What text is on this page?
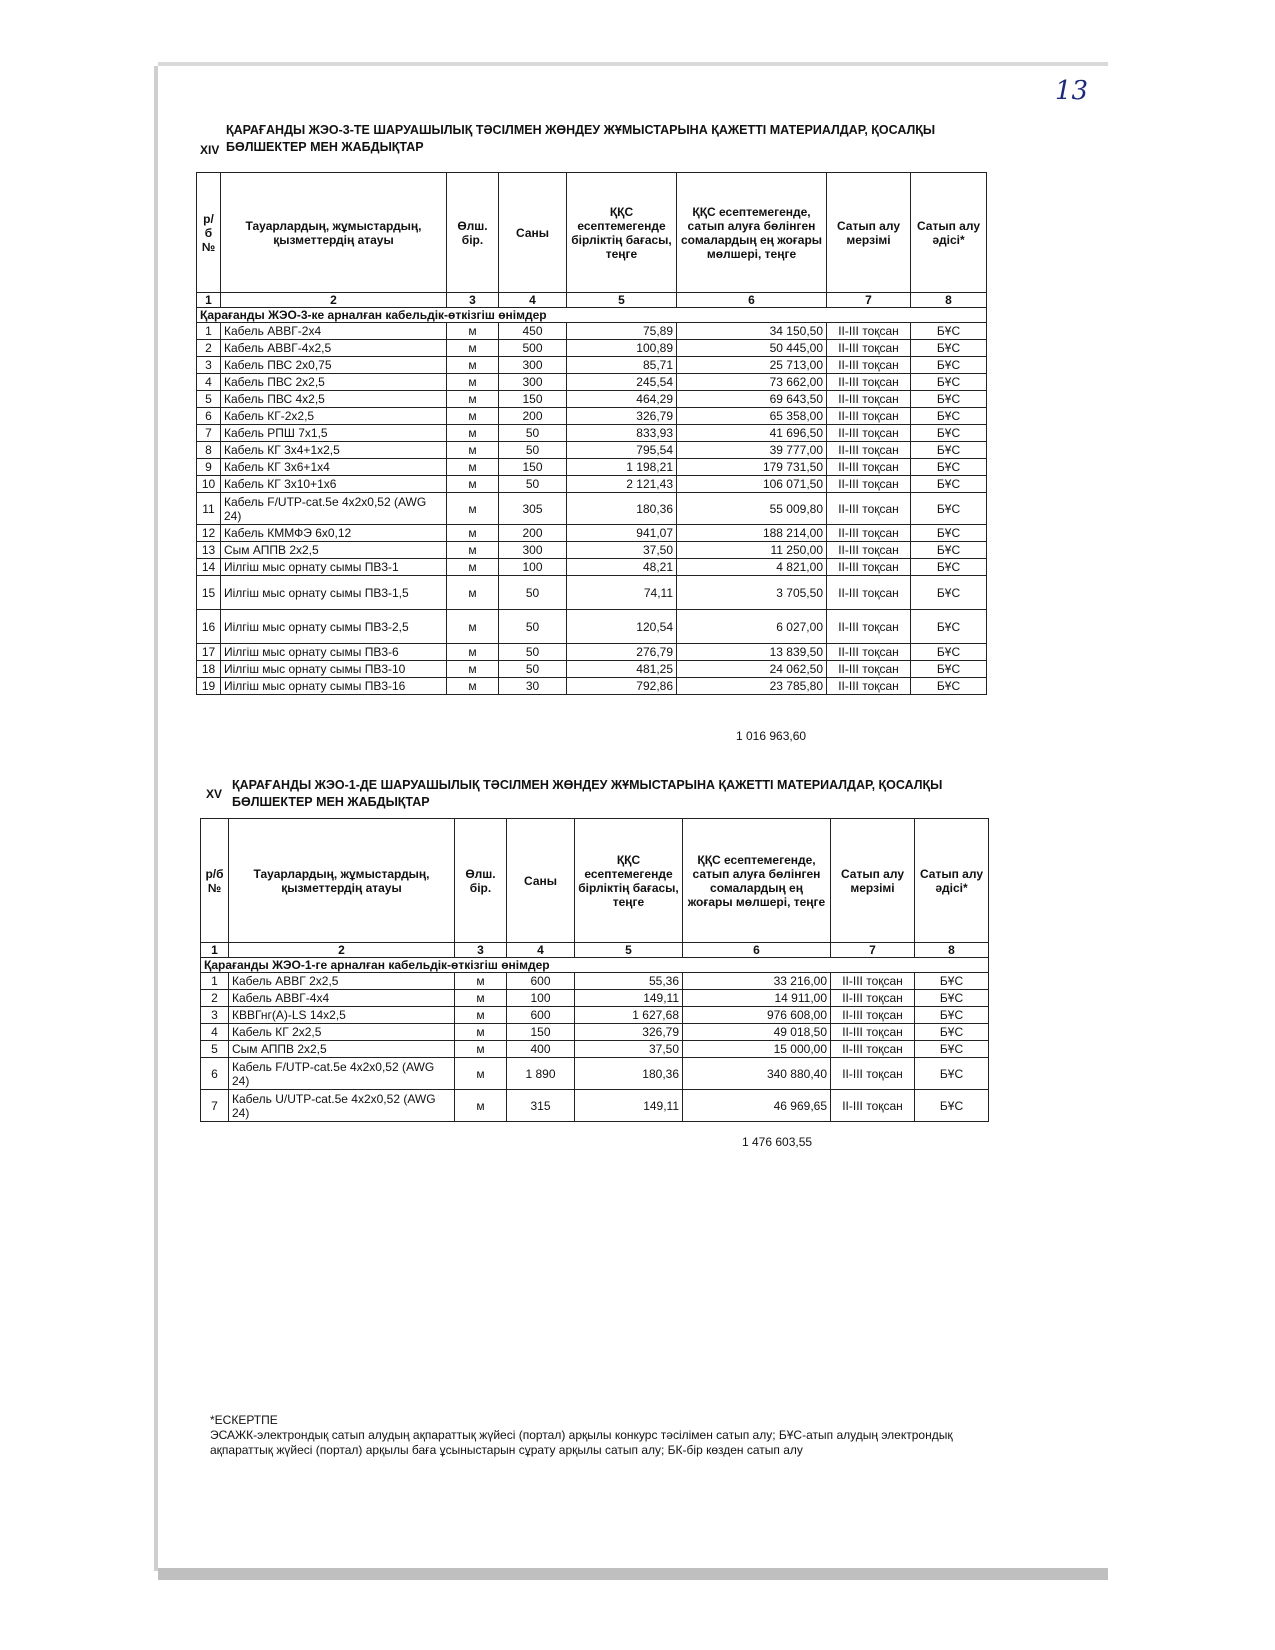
13
XIV
ҚАРАҒАНДЫ ЖЭО-3-ТЕ ШАРУАШЫЛЫҚ ТӘСІЛМЕН ЖӨНДЕУ ЖҰМЫСТАРЫНА ҚАЖЕТТІ МАТЕРИАЛДАР, ҚОСАЛҚЫ
БӨЛШЕКТЕР МЕН ЖАБДЫҚТАР
р/б №	Тауарлардың, жұмыстардың, қызметтердің атауы	Өлш. бір.	Саны	ҚҚС есептемегенде бірліктің бағасы, теңге	ҚҚС есептемегенде, сатып алуға бөлінген сомалардың ең жоғары мөлшері, теңге	Сатып алу мерзімі	Сатып алу әдісі*
1	2	3	4	5	6	7	8
Қарағанды ЖЭО-3-ке арналған кабельдік-өткізгіш өнімдер							
1	Кабель АВВГ-2х4	м	450	75,89	34 150,50	II-III тоқсан	БҰС
2	Кабель АВВГ-4х2,5	м	500	100,89	50 445,00	II-III тоқсан	БҰС
3	Кабель ПВС 2х0,75	м	300	85,71	25 713,00	II-III тоқсан	БҰС
4	Кабель ПВС 2х2,5	м	300	245,54	73 662,00	II-III тоқсан	БҰС
5	Кабель ПВС 4х2,5	м	150	464,29	69 643,50	II-III тоқсан	БҰС
6	Кабель КГ-2х2,5	м	200	326,79	65 358,00	II-III тоқсан	БҰС
7	Кабель РПШ 7х1,5	м	50	833,93	41 696,50	II-III тоқсан	БҰС
8	Кабель КГ 3х4+1х2,5	м	50	795,54	39 777,00	II-III тоқсан	БҰС
9	Кабель КГ 3х6+1х4	м	150	1 198,21	179 731,50	II-III тоқсан	БҰС
10	Кабель КГ 3х10+1х6	м	50	2 121,43	106 071,50	II-III тоқсан	БҰС
11	Кабель F/UTP-cat.5e 4x2x0,52 (AWG 24)	м	305	180,36	55 009,80	II-III тоқсан	БҰС
12	Кабель КММФЭ 6х0,12	м	200	941,07	188 214,00	II-III тоқсан	БҰС
13	Сым АППВ 2х2,5	м	300	37,50	11 250,00	II-III тоқсан	БҰС
14	Иілгіш мыс орнату сымы ПВ3-1	м	100	48,21	4 821,00	II-III тоқсан	БҰС
15	Иілгіш мыс орнату сымы ПВ3-1,5	м	50	74,11	3 705,50	II-III тоқсан	БҰС
16	Иілгіш мыс орнату сымы ПВ3-2,5	м	50	120,54	6 027,00	II-III тоқсан	БҰС
17	Иілгіш мыс орнату сымы ПВ3-6	м	50	276,79	13 839,50	II-III тоқсан	БҰС
18	Иілгіш мыс орнату сымы ПВ3-10	м	50	481,25	24 062,50	II-III тоқсан	БҰС
19	Иілгіш мыс орнату сымы ПВ3-16	м	30	792,86	23 785,80	II-III тоқсан	БҰС
1 016 963,60
XV
ҚАРАҒАНДЫ ЖЭО-1-ДЕ ШАРУАШЫЛЫҚ ТӘСІЛМЕН ЖӨНДЕУ ЖҰМЫСТАРЫНА ҚАЖЕТТІ МАТЕРИАЛДАР, ҚОСАЛҚЫ
БӨЛШЕКТЕР МЕН ЖАБДЫҚТАР
р/б №	Тауарлардың, жұмыстардың, қызметтердің атауы	Өлш. бір.	Саны	ҚҚС есептемегенде бірліктің бағасы, теңге	ҚҚС есептемегенде, сатып алуға бөлінген сомалардың ең жоғары мөлшері, теңге	Сатып алу мерзімі	Сатып алу әдісі*
1	2	3	4	5	6	7	8
Қарағанды ЖЭО-1-ге арналған кабельдік-өткізгіш өнімдер							
1	Кабель АВВГ 2х2,5	м	600	55,36	33 216,00	II-III тоқсан	БҰС
2	Кабель АВВГ-4х4	м	100	149,11	14 911,00	II-III тоқсан	БҰС
3	КВВГнг(А)-LS 14х2,5	м	600	1 627,68	976 608,00	II-III тоқсан	БҰС
4	Кабель КГ 2х2,5	м	150	326,79	49 018,50	II-III тоқсан	БҰС
5	Сым АППВ 2х2,5	м	400	37,50	15 000,00	II-III тоқсан	БҰС
6	Кабель F/UTP-cat.5e 4x2x0,52 (AWG 24)	м	1 890	180,36	340 880,40	II-III тоқсан	БҰС
7	Кабель U/UTP-cat.5e 4x2x0,52 (AWG 24)	м	315	149,11	46 969,65	II-III тоқсан	БҰС
1 476 603,55
*ЕСКЕРТПЕ
ЭСАЖК-электрондық сатып алудың ақпараттық жүйесі (портал) арқылы конкурс тәсілімен сатып алу; БҰС-атып алудың электрондық
ақпараттық жүйесі (портал) арқылы баға ұсыныстарын сұрату арқылы сатып алу; БК-бір көзден сатып алу
